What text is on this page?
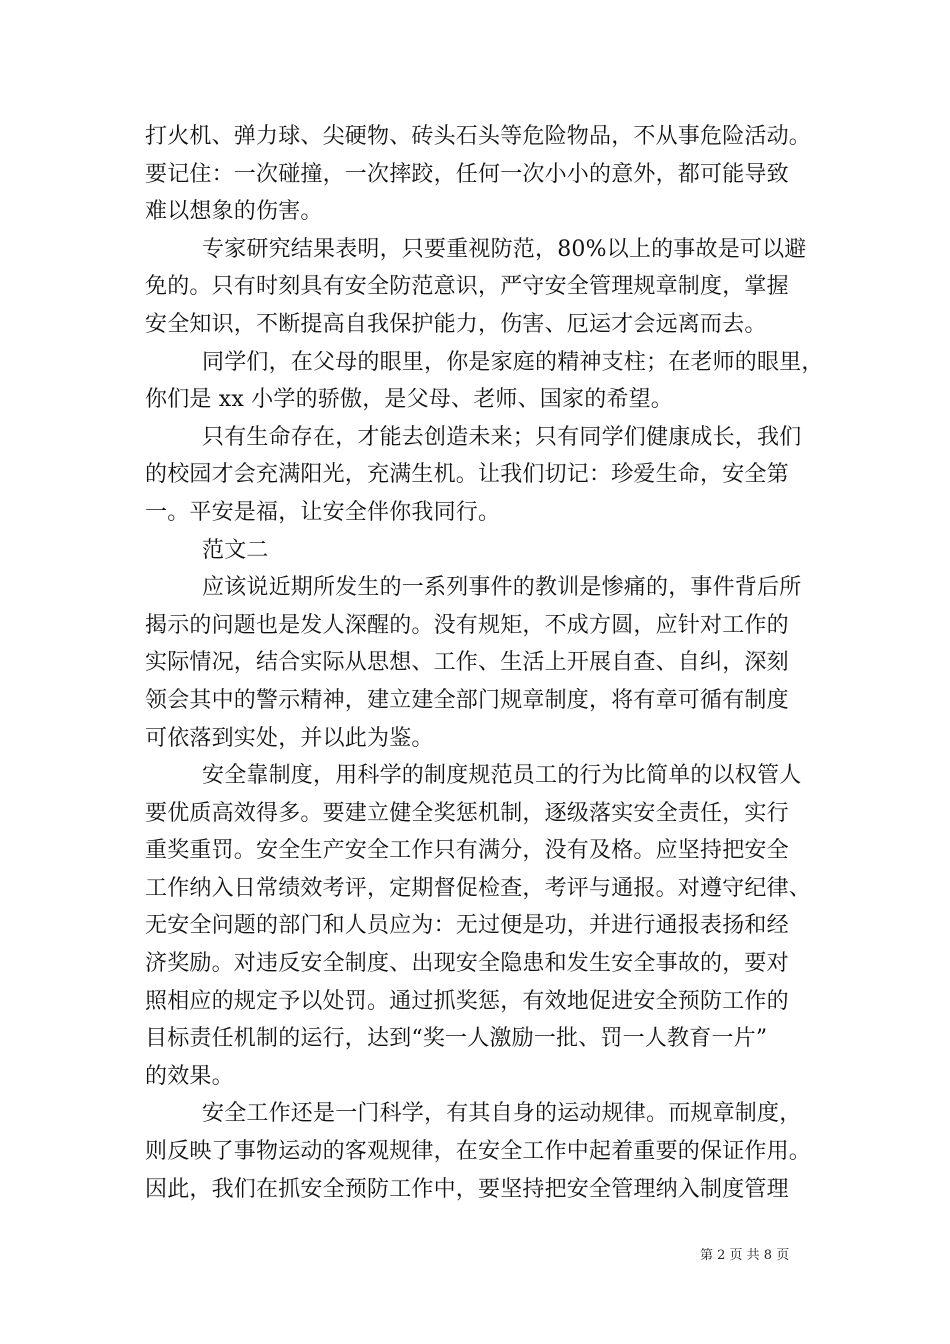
打火机、弹力球、尖硬物、砖头石头等危险物品，不从事危险活动。
要记住：一次碰撞，一次摔跤，任何一次小小的意外，都可能导致
难以想象的伤害。
专家研究结果表明，只要重视防范，80%以上的事故是可以避
免的。只有时刻具有安全防范意识，严守安全管理规章制度，掌握
安全知识，不断提高自我保护能力，伤害、厄运才会远离而去。
同学们，在父母的眼里，你是家庭的精神支柱；在老师的眼里，
你们是 xx 小学的骄傲，是父母、老师、国家的希望。
只有生命存在，才能去创造未来；只有同学们健康成长，我们
的校园才会充满阳光，充满生机。让我们切记：珍爱生命，安全第
一。平安是福，让安全伴你我同行。
范文二
应该说近期所发生的一系列事件的教训是惨痛的，事件背后所
揭示的问题也是发人深醒的。没有规矩，不成方圆，应针对工作的
实际情况，结合实际从思想、工作、生活上开展自查、自纠，深刻
领会其中的警示精神，建立建全部门规章制度，将有章可循有制度
可依落到实处，并以此为鉴。
安全靠制度，用科学的制度规范员工的行为比简单的以权管人
要优质高效得多。要建立健全奖惩机制，逐级落实安全责任，实行
重奖重罚。安全生产安全工作只有满分，没有及格。应坚持把安全
工作纳入日常绩效考评，定期督促检查，考评与通报。对遵守纪律、
无安全问题的部门和人员应为：无过便是功，并进行通报表扬和经
济奖励。对违反安全制度、出现安全隐患和发生安全事故的，要对
照相应的规定予以处罚。通过抓奖惩，有效地促进安全预防工作的
目标责任机制的运行，达到“奖一人激励一批、罚一人教育一片”
的效果。
安全工作还是一门科学，有其自身的运动规律。而规章制度，
则反映了事物运动的客观规律，在安全工作中起着重要的保证作用。
因此，我们在抓安全预防工作中，要坚持把安全管理纳入制度管理
第 2 页 共 8 页
